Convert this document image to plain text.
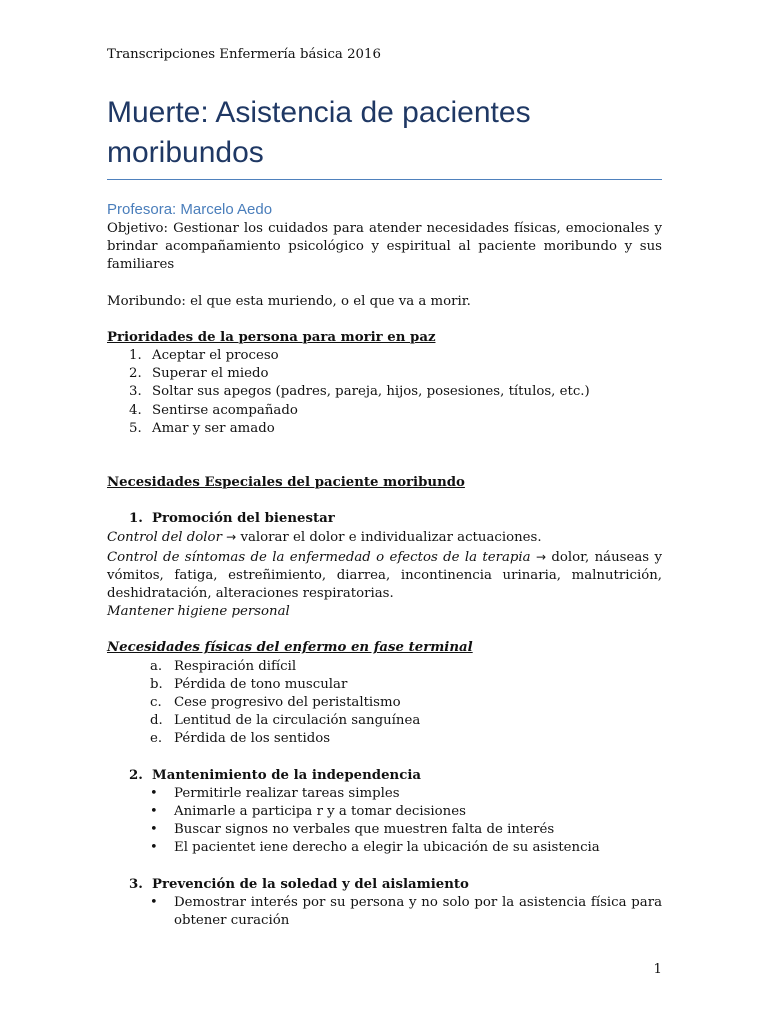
Transcripciones Enfermería básica 2016
Muerte: Asistencia de pacientes
moribundos

Profesora: Marcelo Aedo

Objetivo: Gestionar los cuidados para atender necesidades físicas, emocionales y brindar acompañamiento psicológico y espiritual al paciente moribundo y sus familiares

Moribundo: el que esta muriendo, o el que va a morir.

Prioridades de la persona para morir en paz

1. Aceptar el proceso
2. Superar el miedo
3. Soltar sus apegos (padres, pareja, hijos, posesiones, títulos, etc.)
4. Sentirse acompañado
5. Amar y ser amado

Necesidades Especiales del paciente moribundo

1. Promoción del bienestar

Control del dolor → valorar el dolor e individualizar actuaciones.

Control de síntomas de la enfermedad o efectos de la terapia → dolor, náuseas y vómitos, fatiga, estreñimiento, diarrea, incontinencia urinaria, malnutrición, deshidratación, alteraciones respiratorias.

Mantener higiene personal

Necesidades físicas del enfermo en fase terminal

a. Respiración difícil
b. Pérdida de tono muscular
c. Cese progresivo del peristaltismo
d. Lentitud de la circulación sanguínea
e. Pérdida de los sentidos

2. Mantenimiento de la independencia

• Permitirle realizar tareas simples
• Animarle a participa r y a tomar decisiones
• Buscar signos no verbales que muestren falta de interés
• El pacientet iene derecho a elegir la ubicación de su asistencia

3. Prevención de la soledad y del aislamiento

• Demostrar interés por su persona y no solo por la asistencia física para obtener curación
1
